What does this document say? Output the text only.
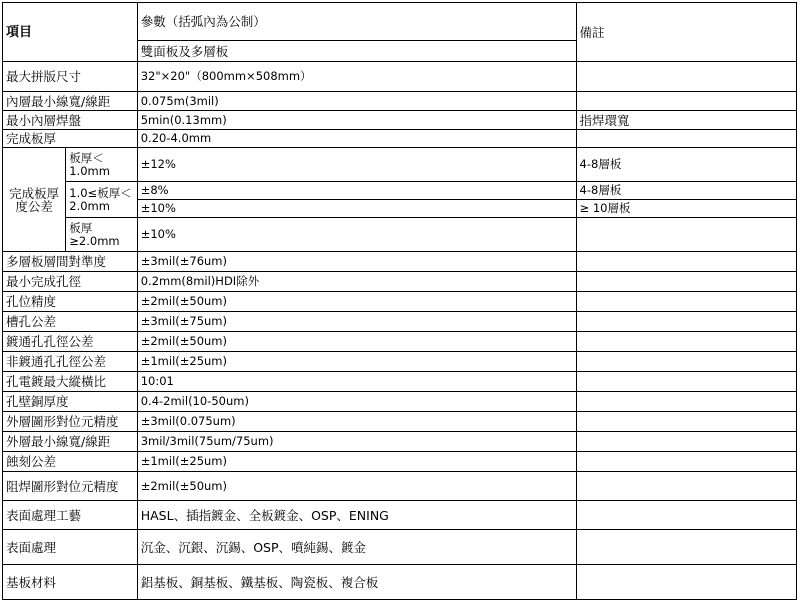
項目		參數（括弧內為公制）	備註
		雙面板及多層板	
最大拼版尺寸		32"×20"（800mm×508mm）	
內層最小線寬/線距		0.075m(3mil)	
最小內層焊盤		5min(0.13mm)	指焊環寬
完成板厚		0.20-4.0mm	
完成板厚度公差	板厚＜1.0mm	±12%	4-8層板
	1.0≤板厚＜2.0mm	±8%	4-8層板
		±10%	≥ 10層板
	板厚≥2.0mm	±10%	
多層板層間對準度		±3mil(±76um)	
最小完成孔徑		0.2mm(8mil)HDI除外	
孔位精度		±2mil(±50um)	
槽孔公差		±3mil(±75um)	
鍍通孔孔徑公差		±2mil(±50um)	
非鍍通孔孔徑公差		±1mil(±25um)	
孔電鍍最大縱橫比		10:01	
孔壁銅厚度		0.4-2mil(10-50um)	
外層圖形對位元精度		±3mil(0.075um)	
外層最小線寬/線距		3mil/3mil(75um/75um)	
蝕刻公差		±1mil(±25um)	
阻焊圖形對位元精度		±2mil(±50um)	
表面處理工藝		HASL、插指鍍金、全板鍍金、OSP、ENING	
表面處理		沉金、沉銀、沉錫、OSP、噴純錫、鍍金	
基板材料		鋁基板、銅基板、鐵基板、陶瓷板、複合板	
